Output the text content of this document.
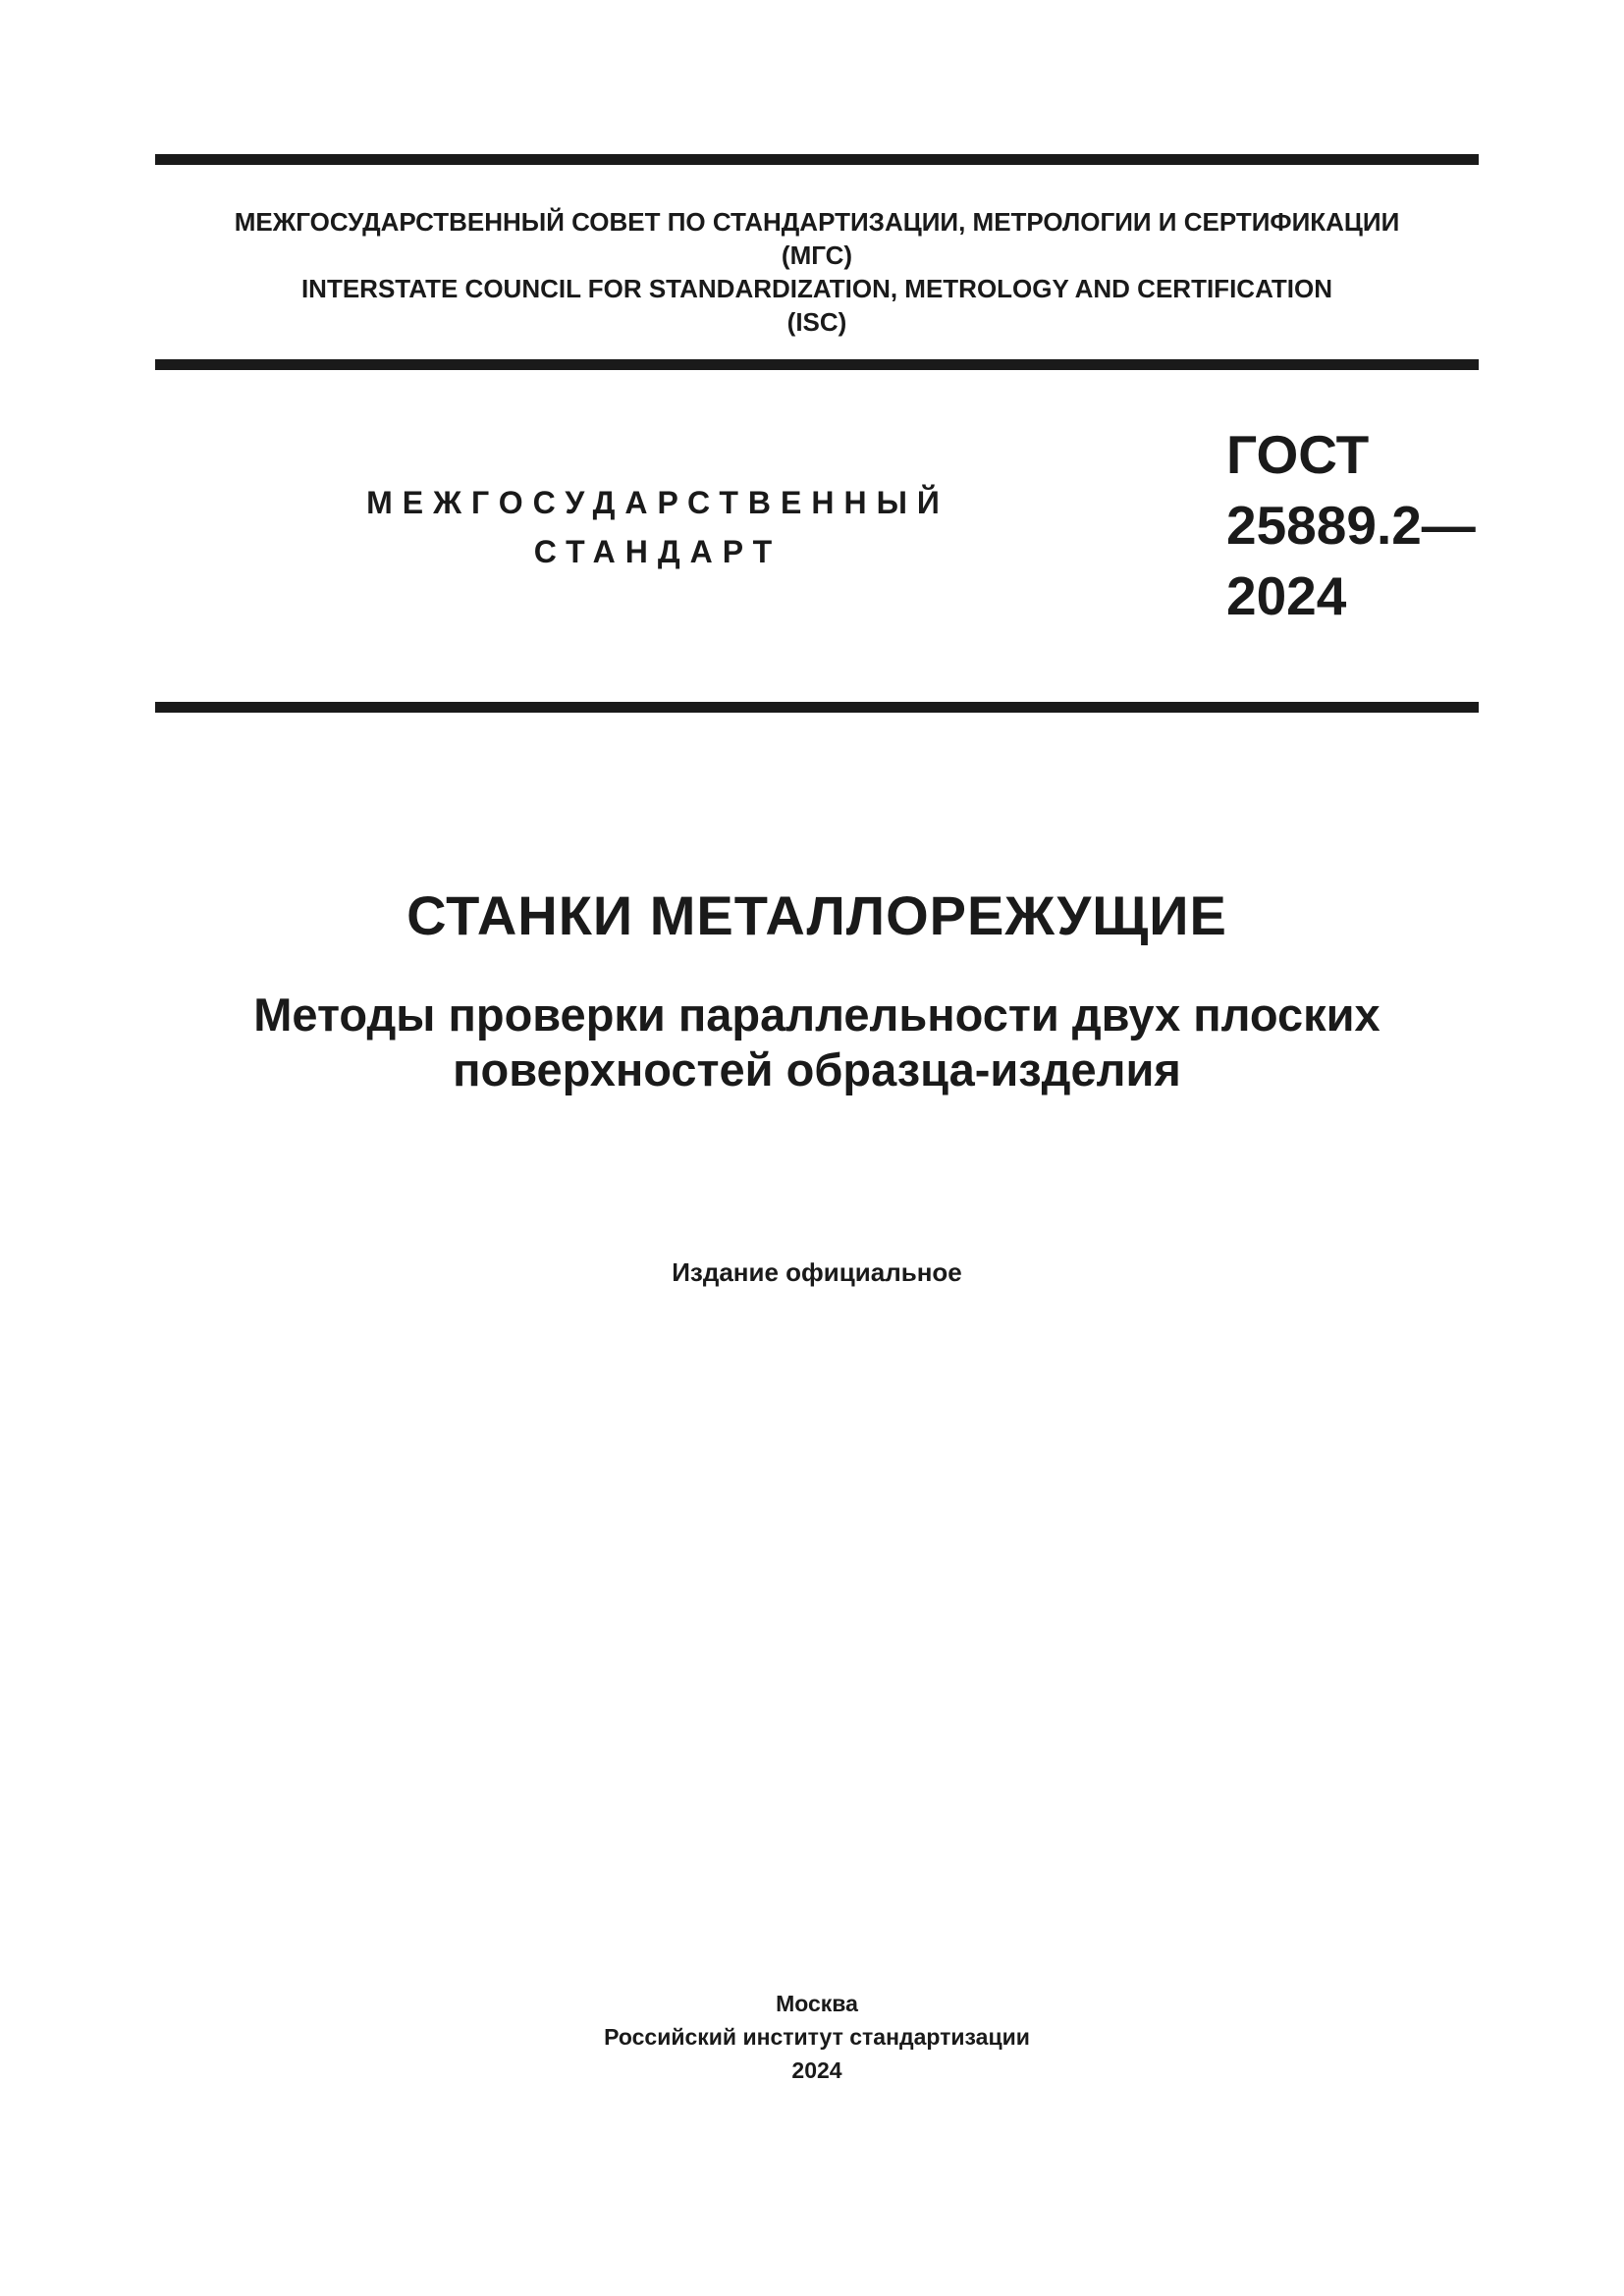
МЕЖГОСУДАРСТВЕННЫЙ СОВЕТ ПО СТАНДАРТИЗАЦИИ, МЕТРОЛОГИИ И СЕРТИФИКАЦИИ
(МГС)
INTERSTATE COUNCIL FOR STANDARDIZATION, METROLOGY AND CERTIFICATION
(ISC)
МЕЖГОСУДАРСТВЕННЫЙ
СТАНДАРТ
ГОСТ
25889.2—
2024
СТАНКИ МЕТАЛЛОРЕЖУЩИЕ
Методы проверки параллельности двух плоских
поверхностей образца-изделия
Издание официальное
Москва
Российский институт стандартизации
2024
